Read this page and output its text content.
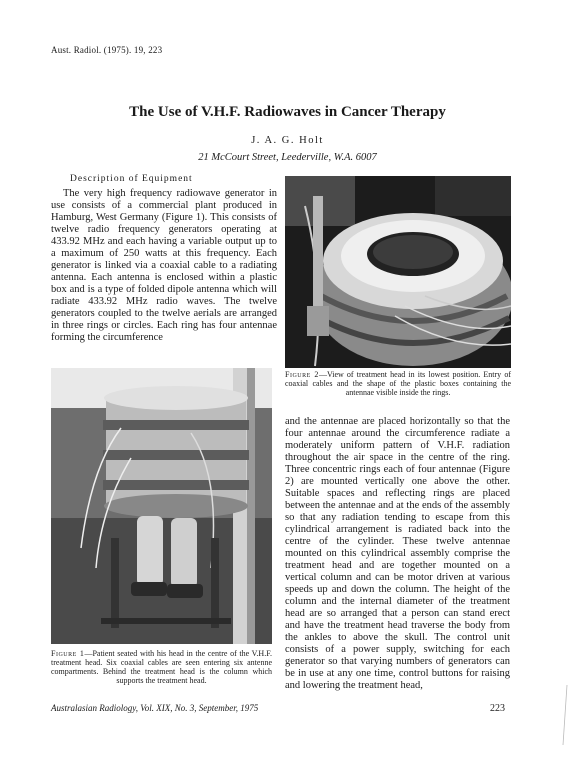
Aust. Radiol. (1975). 19, 223
The Use of V.H.F. Radiowaves in Cancer Therapy
J. A. G. Holt
21 McCourt Street, Leederville, W.A. 6007
Description of Equipment

The very high frequency radiowave generator in use consists of a commercial plant produced in Hamburg, West Germany (Figure 1). This consists of twelve radio frequency generators operating at 433.92 MHz and each having a variable output up to a maximum of 250 watts at this frequency. Each generator is linked via a coaxial cable to a radiating antenna. Each antenna is enclosed within a plastic box and is a type of folded dipole antenna which will radiate 433.92 MHz radio waves. The twelve generators coupled to the twelve aerials are arranged in three rings or circles. Each ring has four antennae forming the circumference

Figure 2—View of treatment head in its lowest position. Entry of coaxial cables and the shape of the plastic boxes containing the antennae visible inside the rings.

Figure 1—Patient seated with his head in the centre of the V.H.F. treatment head. Six coaxial cables are seen entering six antenne compartments. Behind the treatment head is the column which supports the treatment head.

and the antennae are placed horizontally so that the four antennae around the circumference radiate a moderately uniform pattern of V.H.F. radiation throughout the air space in the centre of the ring. Three concentric rings each of four antennae (Figure 2) are mounted vertically one above the other. Suitable spaces and reflecting rings are placed between the antennae and at the ends of the assembly so that any radiation tending to escape from this cylindrical arrangement is radiated back into the centre of the cylinder. These twelve antennae mounted on this cylindrical assembly comprise the treatment head and are together mounted on a vertical column and can be motor driven at various speeds up and down the column. The height of the column and the internal diameter of the treatment head are so arranged that a person can stand erect and have the treatment head traverse the body from the ankles to above the skull. The control unit consists of a power supply, switching for each generator so that varying numbers of generators can be in use at any one time, control buttons for raising and lowering the treatment head,

Australasian Radiology, Vol. XIX, No. 3, September, 1975	223
